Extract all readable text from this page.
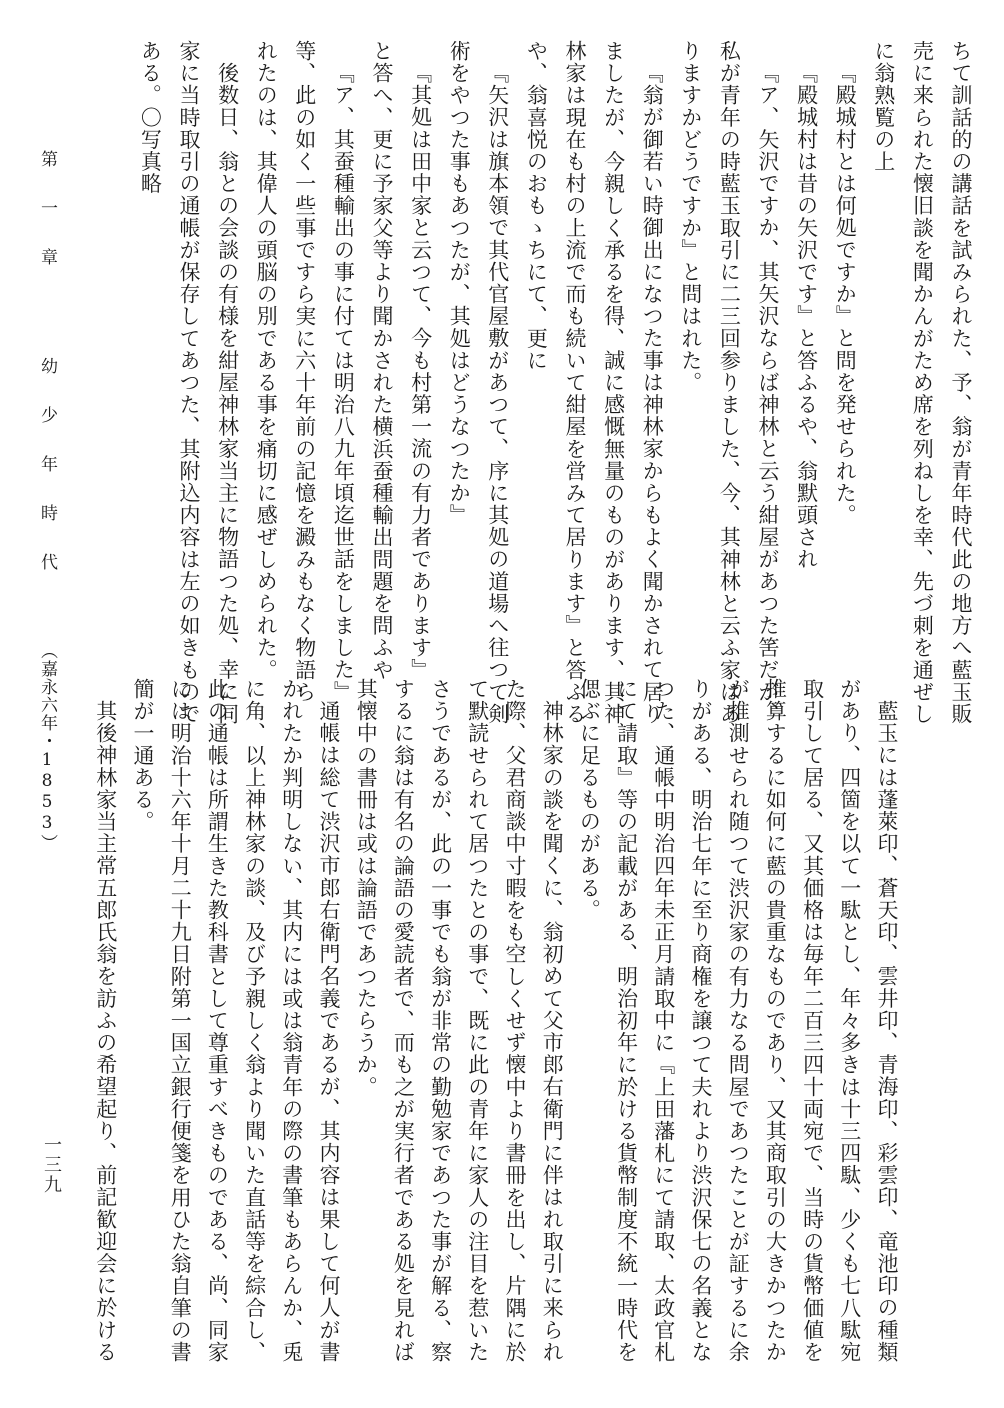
第 一 章  幼 少 年 時 代  （嘉永六年・1853）
ちて訓話的の講話を試みられた、予、翁が青年時代此の地方へ藍玉販
売に来られた懐旧談を聞かんがため席を列ねしを幸、先づ刺を通ぜし
に翁熟覧の上
『殿城村とは何処ですか』と問を発せられた。
『殿城村は昔の矢沢です』と答ふるや、翁默頭され
『ア、矢沢ですか、其矢沢ならば神林と云う紺屋があつた筈だが、
私が青年の時藍玉取引に二三回参りました、今、其神林と云ふ家はあ
りますかどうですか』と問はれた。
『翁が御若い時御出になつた事は神林家からもよく聞かされて居り
ましたが、今親しく承るを得、誠に感慨無量のものがあります、其神
林家は現在も村の上流で而も続いて紺屋を営みて居ります』と答ふる
や、翁喜悦のおもゝちにて、更に
『矢沢は旗本領で其代官屋敷があつて、序に其処の道場へ往つて剣
術をやつた事もあつたが、其処はどうなつたか』
『其処は田中家と云つて、今も村第一流の有力者であります』
と答へ、更に予家父等より聞かされた横浜蚕種輸出問題を問ふや
『ア、其蚕種輸出の事に付ては明治八九年頃迄世話をしました』
等、此の如く一些事ですら実に六十年前の記憶を澱みもなく物語ら
れたのは、其偉人の頭脳の別である事を痛切に感ぜしめられた。
後数日、翁との会談の有様を紺屋神林家当主に物語つた処、幸に同
家に当時取引の通帳が保存してあつた、其附込内容は左の如きもので
ある。〇写真略
藍玉には蓬萊印、蒼天印、雲井印、青海印、彩雲印、竜池印の種類
があり、四箇を以て一駄とし、年々多きは十三四駄、少くも七八駄宛
取引して居る、又其価格は毎年二百三四十両宛で、当時の貨幣価値を
推算するに如何に藍の貴重なものであり、又其商取引の大きかつたか
が推測せられ随つて渋沢家の有力なる問屋であつたことが証するに余
りがある、明治七年に至り商権を譲つて夫れより渋沢保七の名義とな
つた、通帳中明治四年未正月請取中に『上田藩札にて請取、太政官札
にて請取』等の記載がある、明治初年に於ける貨幣制度不統一時代を
偲ぶに足るものがある。
神林家の談を聞くに、翁初めて父市郎右衛門に伴はれ取引に来られ
た際、父君商談中寸暇をも空しくせず懐中より書冊を出し、片隅に於
て默読せられて居つたとの事で、既に此の青年に家人の注目を惹いた
さうであるが、此の一事でも翁が非常の勤勉家であつた事が解る、察
するに翁は有名の論語の愛読者で、而も之が実行者である処を見れば
其懐中の書冊は或は論語であつたらうか。
通帳は総て渋沢市郎右衛門名義であるが、其内容は果して何人が書
かれたか判明しない、其内には或は翁青年の際の書筆もあらんか、兎
に角、以上神林家の談、及び予親しく翁より聞いた直話等を綜合し、
此の通帳は所謂生きた教科書として尊重すべきものである、尚、同家
には明治十六年十月二十九日附第一国立銀行便箋を用ひた翁自筆の書
簡が一通ある。
其後神林家当主常五郎氏翁を訪ふの希望起り、前記歓迎会に於ける
一三九
